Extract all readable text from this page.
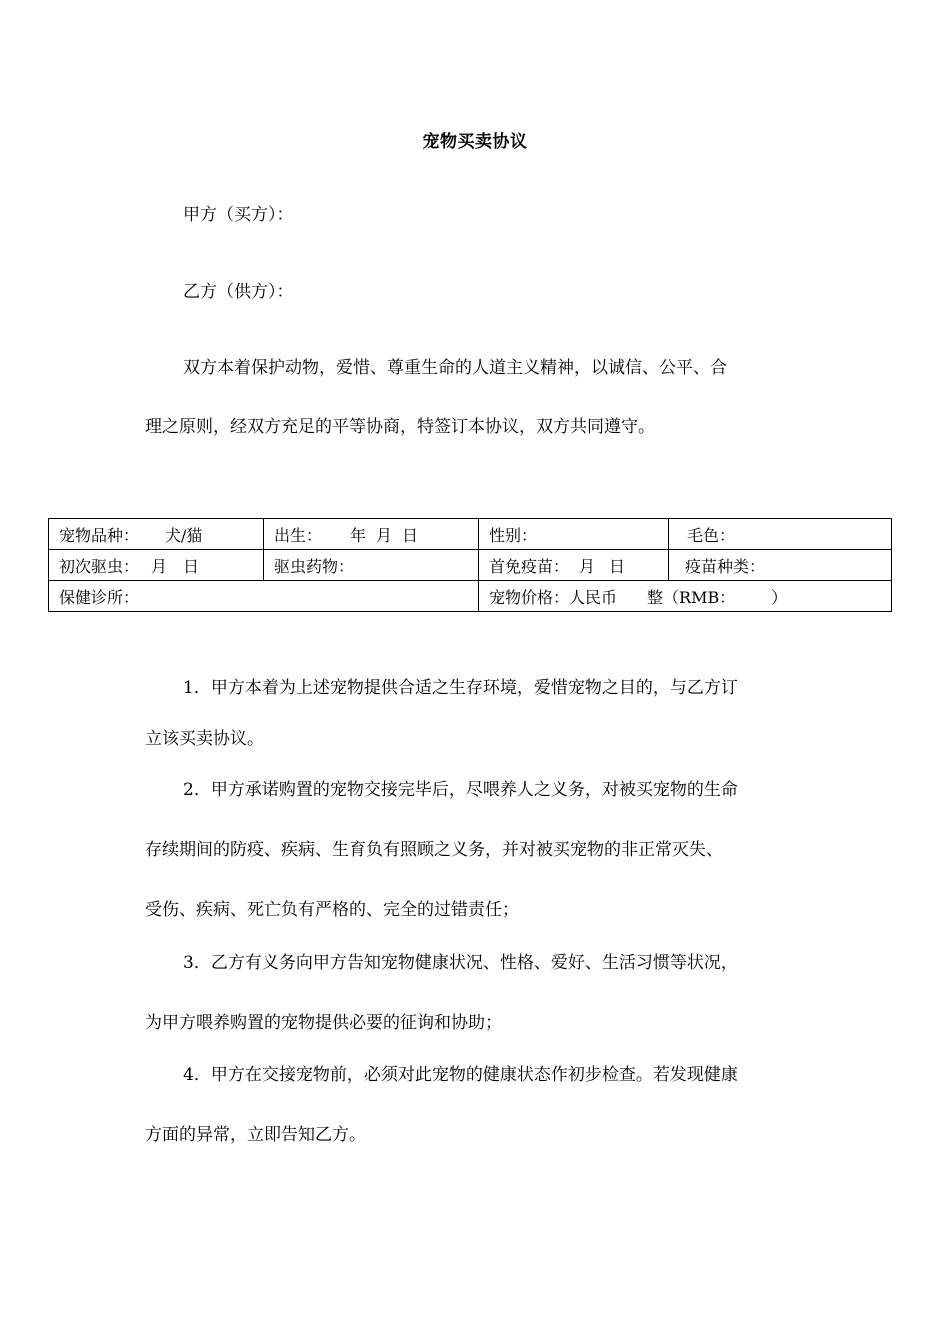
宠物买卖协议
甲方（买方）：
乙方（供方）：
双方本着保护动物，爱惜、尊重生命的人道主义精神，以诚信、公平、合
理之原则，经双方充足的平等协商，特签订本协议，双方共同遵守。
宠物品种： 犬/猫	出生： 年 月 日	性别：	毛色：
初次驱虫： 月 日	驱虫药物：	首免疫苗： 月 日	疫苗种类：
保健诊所：		宠物价格：人民币 整（RMB： ）	
1．甲方本着为上述宠物提供合适之生存环境，爱惜宠物之目的，与乙方订
立该买卖协议。
2．甲方承诺购置的宠物交接完毕后，尽喂养人之义务，对被买宠物的生命
存续期间的防疫、疾病、生育负有照顾之义务，并对被买宠物的非正常灭失、
受伤、疾病、死亡负有严格的、完全的过错责任；
3．乙方有义务向甲方告知宠物健康状况、性格、爱好、生活习惯等状况，
为甲方喂养购置的宠物提供必要的征询和协助；
4．甲方在交接宠物前，必须对此宠物的健康状态作初步检查。若发现健康
方面的异常，立即告知乙方。
